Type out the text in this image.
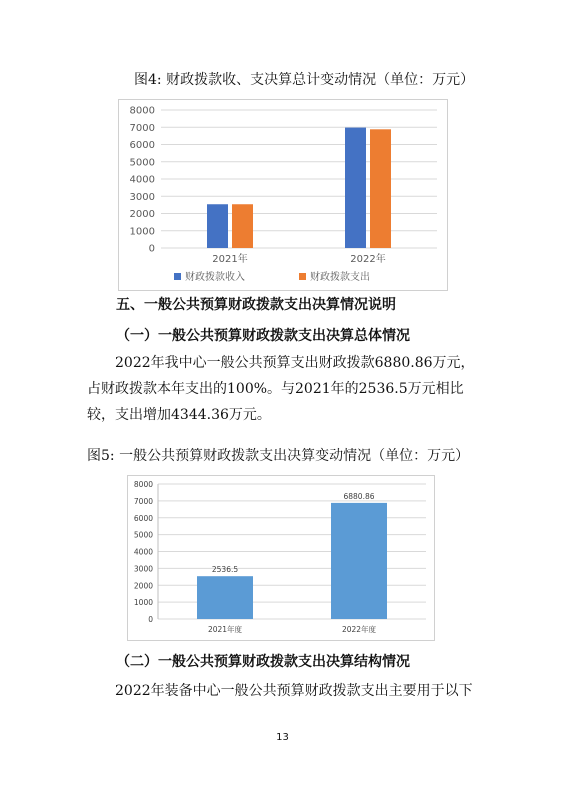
图4: 财政拨款收、支决算总计变动情况（单位：万元）
0
1000
2000
3000
4000
5000
6000
7000
8000
2021年	2022年
财政拨款收入	财政拨款支出
五、一般公共预算财政拨款支出决算情况说明
（一）一般公共预算财政拨款支出决算总体情况
2022年我中心一般公共预算支出财政拨款6880.86万元，占财政拨款本年支出的100%。与2021年的2536.5万元相比较，支出增加4344.36万元。
图5: 一般公共预算财政拨款支出决算变动情况（单位：万元）
0
1000
2000
3000
4000
5000
6000
7000
8000
2536.5
2021年度
6880.86
2022年度
（二）一般公共预算财政拨款支出决算结构情况
2022年装备中心一般公共预算财政拨款支出主要用于以下
13
